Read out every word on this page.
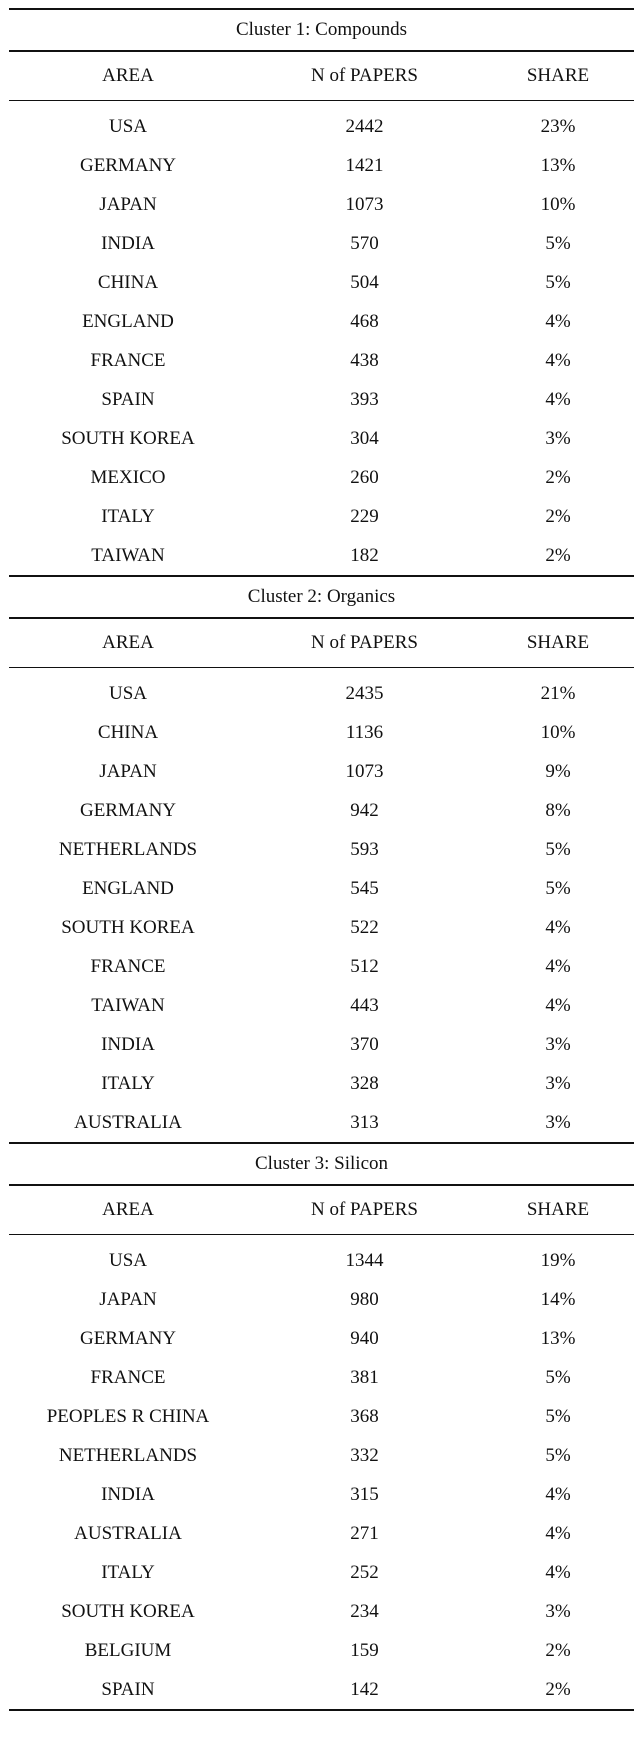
Cluster 1: Compounds
AREA	N of PAPERS	SHARE
USA	2442	23%
GERMANY	1421	13%
JAPAN	1073	10%
INDIA	570	5%
CHINA	504	5%
ENGLAND	468	4%
FRANCE	438	4%
SPAIN	393	4%
SOUTH KOREA	304	3%
MEXICO	260	2%
ITALY	229	2%
TAIWAN	182	2%
Cluster 2: Organics
AREA	N of PAPERS	SHARE
USA	2435	21%
CHINA	1136	10%
JAPAN	1073	9%
GERMANY	942	8%
NETHERLANDS	593	5%
ENGLAND	545	5%
SOUTH KOREA	522	4%
FRANCE	512	4%
TAIWAN	443	4%
INDIA	370	3%
ITALY	328	3%
AUSTRALIA	313	3%
Cluster 3: Silicon
AREA	N of PAPERS	SHARE
USA	1344	19%
JAPAN	980	14%
GERMANY	940	13%
FRANCE	381	5%
PEOPLES R CHINA	368	5%
NETHERLANDS	332	5%
INDIA	315	4%
AUSTRALIA	271	4%
ITALY	252	4%
SOUTH KOREA	234	3%
BELGIUM	159	2%
SPAIN	142	2%
